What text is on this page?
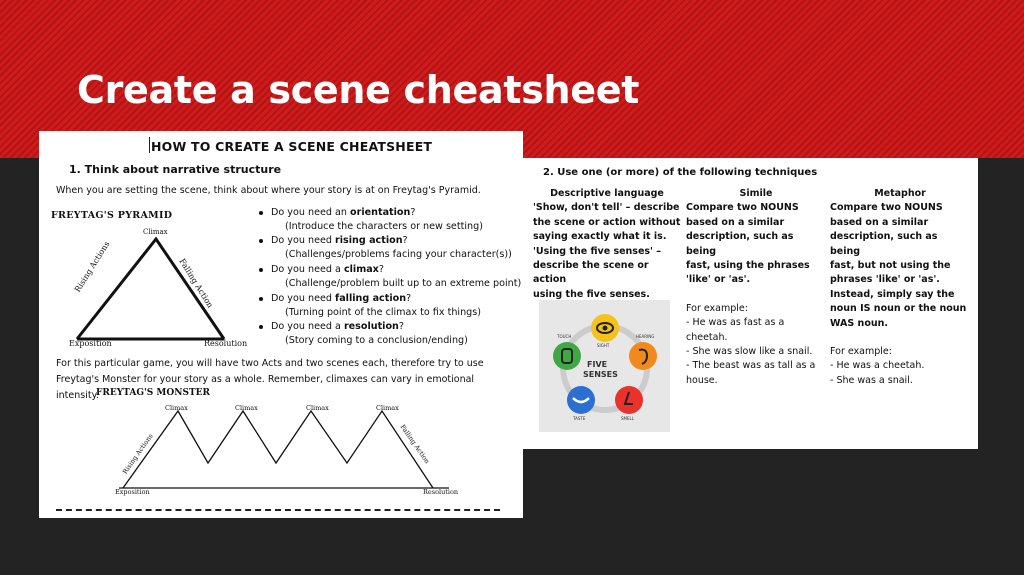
Create a scene cheatsheet
HOW TO CREATE A SCENE CHEATSHEET
1. Think about narrative structure
When you are setting the scene, think about where your story is at on Freytag's Pyramid.
FREYTAG'S PYRAMID
Climax
Rising Actions	Falling Action
Exposition	Resolution
Do you need an orientation?
(Introduce the characters or new setting)
Do you need rising action?
(Challenges/problems facing your character(s))
Do you need a climax?
(Challenge/problem built up to an extreme point)
Do you need falling action?
(Turning point of the climax to fix things)
Do you need a resolution?
(Story coming to a conclusion/ending)
For this particular game, you will have two Acts and two scenes each, therefore try to use Freytag's Monster for your story as a whole. Remember, climaxes can vary in emotional intensity.
FREYTAG'S MONSTER
Climax	Climax	Climax	Climax
Rising Actions	Falling Action
Exposition	Resolution
2. Use one (or more) of the following techniques
Descriptive language
'Show, don't tell' – describe
the scene or action without
saying exactly what it is.
'Using the five senses' –
describe the scene or action
using the five senses.
Simile
Compare two NOUNS
based on a similar
description, such as being
fast, using the phrases
'like' or 'as'.
For example:
- He was as fast as a
cheetah.
- She was slow like a snail.
- The beast was as tall as a
house.
Metaphor
Compare two NOUNS
based on a similar
description, such as being
fast, but not using the
phrases 'like' or 'as'.
Instead, simply say the
noun IS noun or the noun
WAS noun.
For example:
- He was a cheetah.
- She was a snail.
FIVE
SENSES
SIGHT
HEARING
SMELL
TASTE
TOUCH
